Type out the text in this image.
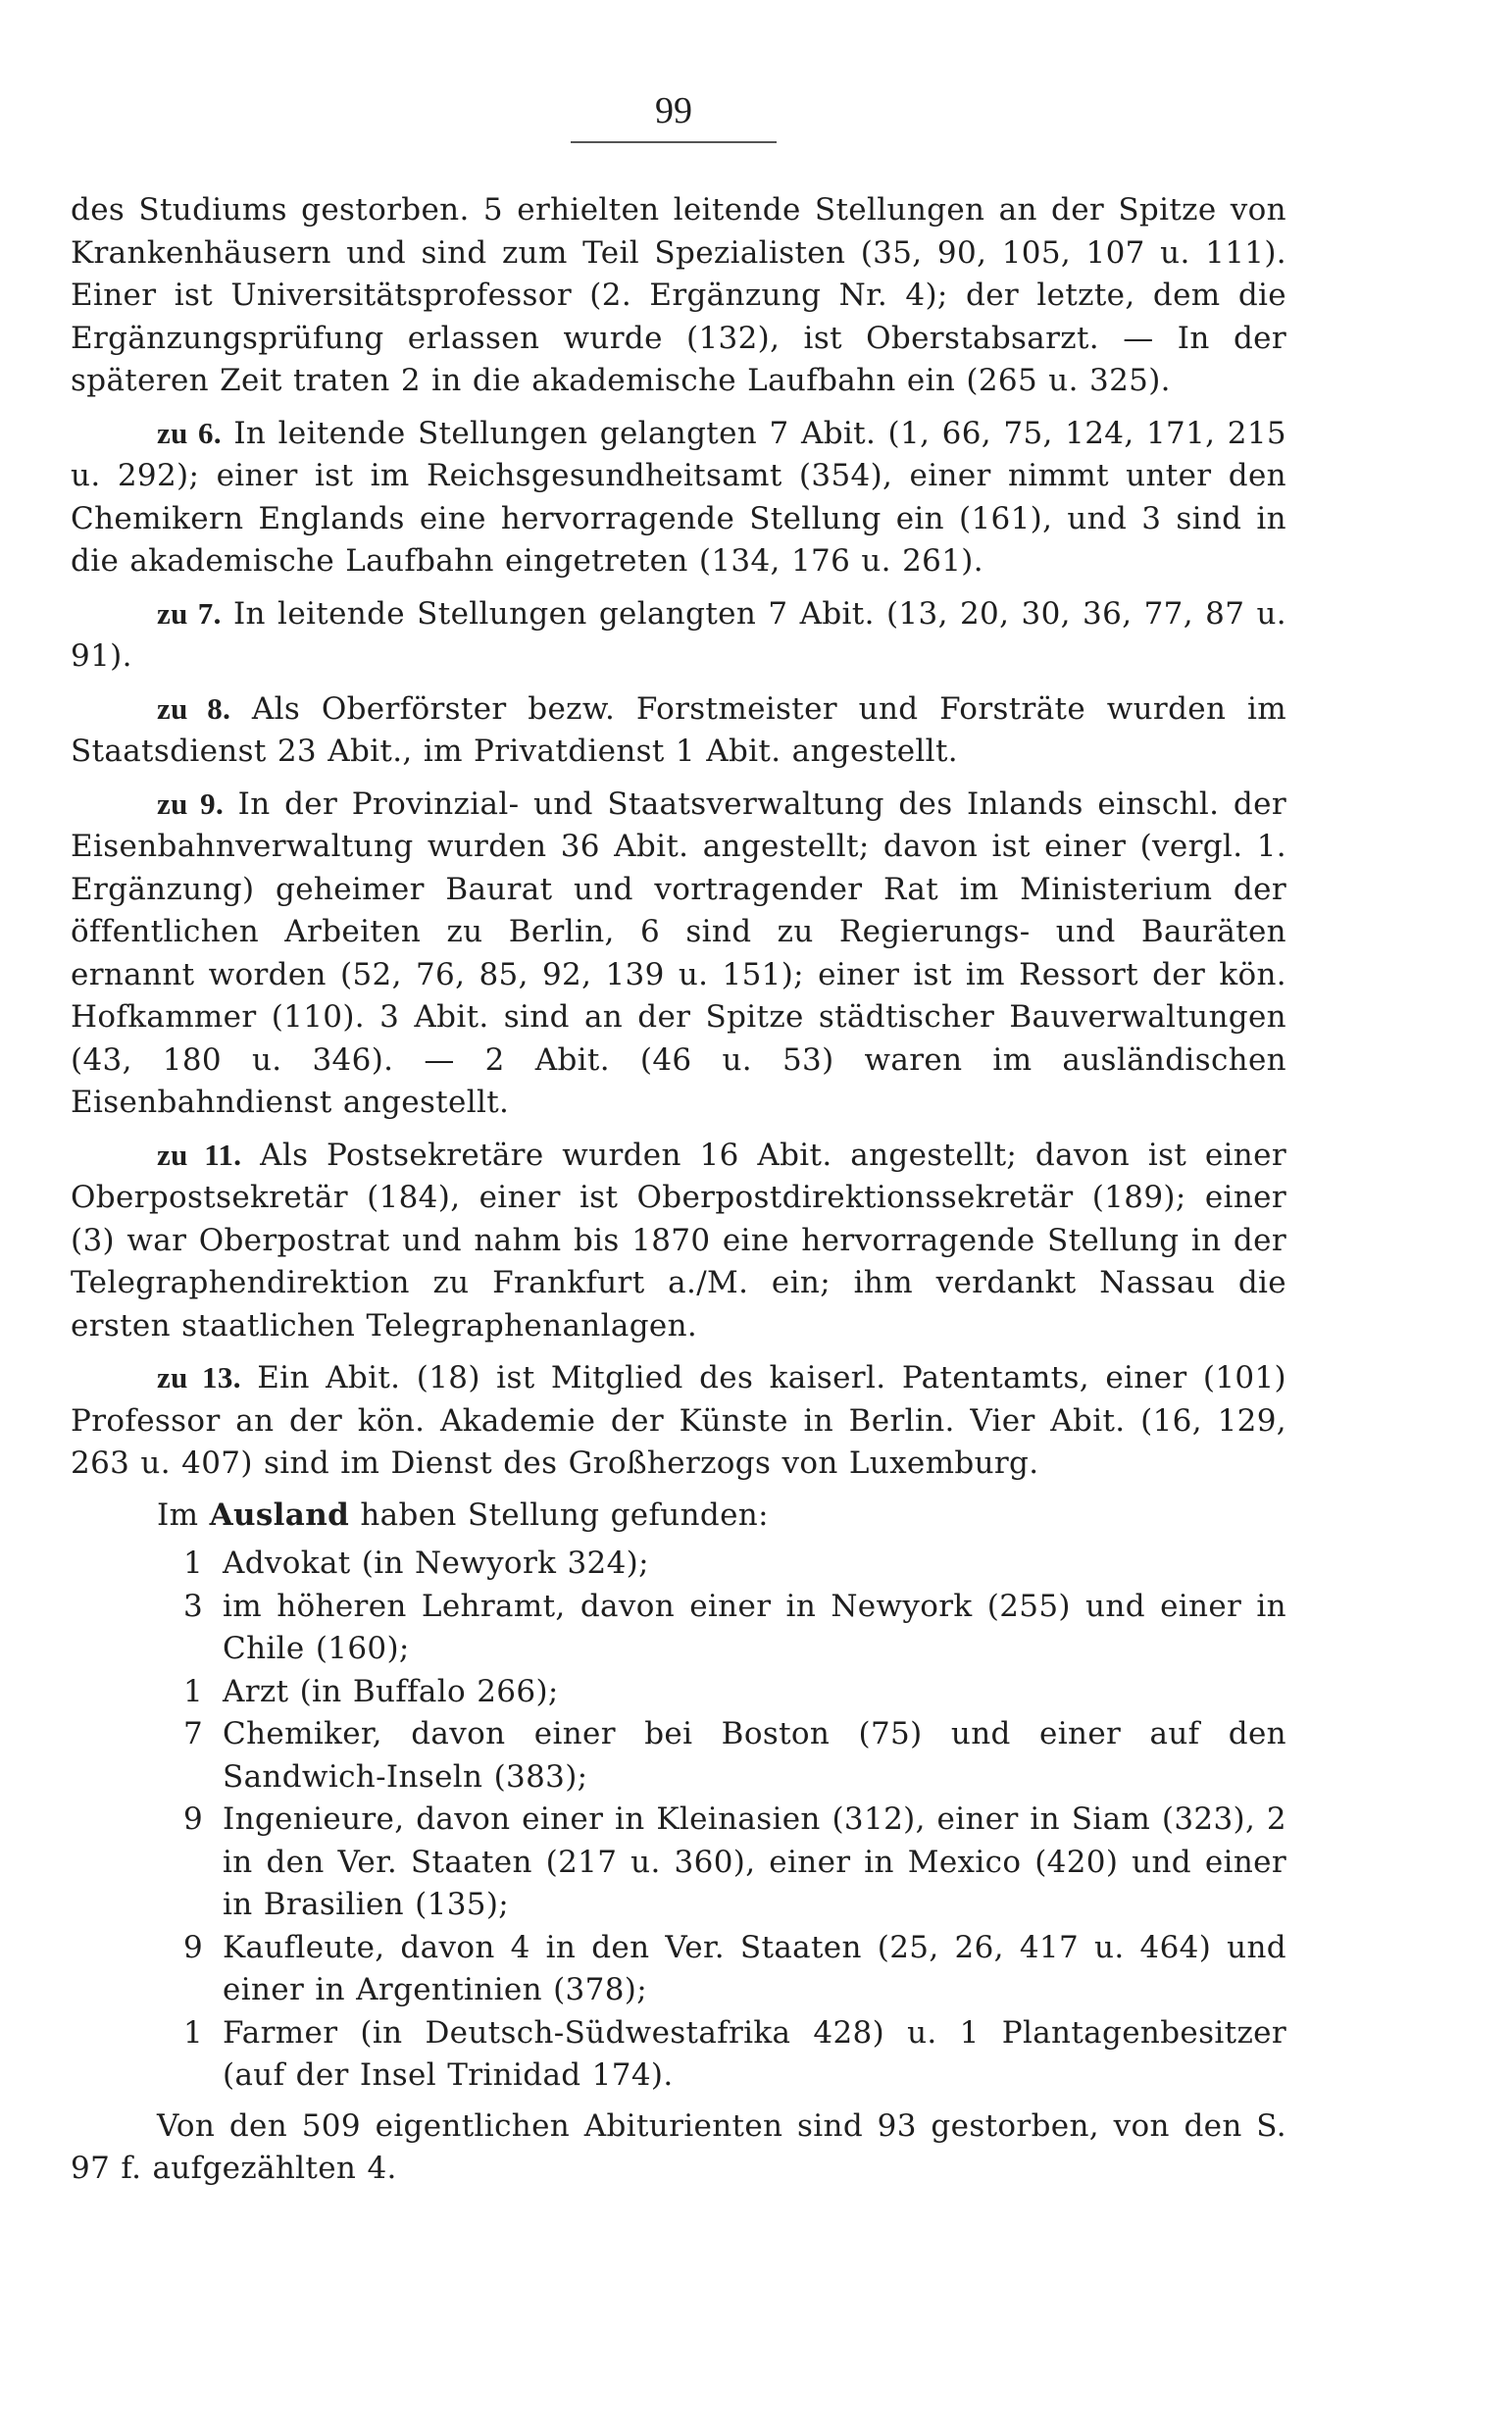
99

des Studiums gestorben. 5 erhielten leitende Stellungen an der Spitze von Krankenhäusern und sind zum Teil Spezialisten (35, 90, 105, 107 u. 111). Einer ist Universitätsprofessor (2. Ergänzung Nr. 4); der letzte, dem die Ergänzungsprüfung erlassen wurde (132), ist Oberstabsarzt. — In der späteren Zeit traten 2 in die akademische Laufbahn ein (265 u. 325).

zu 6. In leitende Stellungen gelangten 7 Abit. (1, 66, 75, 124, 171, 215 u. 292); einer ist im Reichsgesundheitsamt (354), einer nimmt unter den Chemikern Englands eine hervorragende Stellung ein (161), und 3 sind in die akademische Laufbahn eingetreten (134, 176 u. 261).

zu 7. In leitende Stellungen gelangten 7 Abit. (13, 20, 30, 36, 77, 87 u. 91).

zu 8. Als Oberförster bezw. Forstmeister und Forsträte wurden im Staatsdienst 23 Abit., im Privatdienst 1 Abit. angestellt.

zu 9. In der Provinzial- und Staatsverwaltung des Inlands einschl. der Eisenbahnverwaltung wurden 36 Abit. angestellt; davon ist einer (vergl. 1. Ergänzung) geheimer Baurat und vortragender Rat im Ministerium der öffentlichen Arbeiten zu Berlin, 6 sind zu Regierungs- und Bauräten ernannt worden (52, 76, 85, 92, 139 u. 151); einer ist im Ressort der kön. Hofkammer (110). 3 Abit. sind an der Spitze städtischer Bauverwaltungen (43, 180 u. 346). — 2 Abit. (46 u. 53) waren im ausländischen Eisenbahndienst angestellt.

zu 11. Als Postsekretäre wurden 16 Abit. angestellt; davon ist einer Oberpostsekretär (184), einer ist Oberpostdirektionssekretär (189); einer (3) war Oberpostrat und nahm bis 1870 eine hervorragende Stellung in der Telegraphendirektion zu Frankfurt a./M. ein; ihm verdankt Nassau die ersten staatlichen Telegraphenanlagen.

zu 13. Ein Abit. (18) ist Mitglied des kaiserl. Patentamts, einer (101) Professor an der kön. Akademie der Künste in Berlin. Vier Abit. (16, 129, 263 u. 407) sind im Dienst des Großherzogs von Luxemburg.

Im Ausland haben Stellung gefunden:
1 Advokat (in Newyork 324);
3 im höheren Lehramt, davon einer in Newyork (255) und einer in Chile (160);
1 Arzt (in Buffalo 266);
7 Chemiker, davon einer bei Boston (75) und einer auf den Sandwich-Inseln (383);
9 Ingenieure, davon einer in Kleinasien (312), einer in Siam (323), 2 in den Ver. Staaten (217 u. 360), einer in Mexico (420) und einer in Brasilien (135);
9 Kaufleute, davon 4 in den Ver. Staaten (25, 26, 417 u. 464) und einer in Argentinien (378);
1 Farmer (in Deutsch-Südwestafrika 428) u. 1 Plantagenbesitzer (auf der Insel Trinidad 174).

Von den 509 eigentlichen Abiturienten sind 93 gestorben, von den S. 97 f. aufgezählten 4.
